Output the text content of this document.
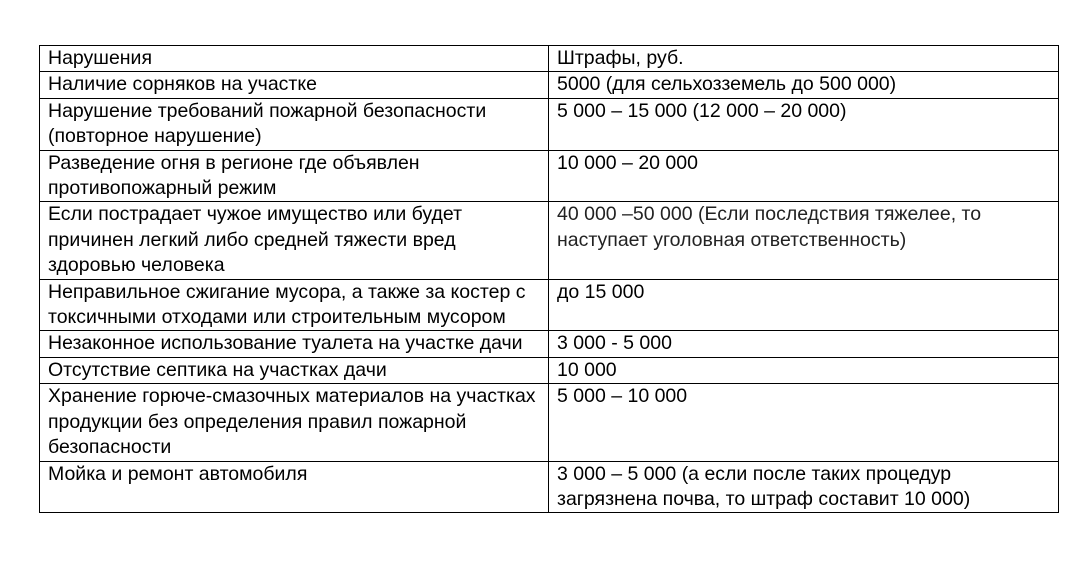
Нарушения	Штрафы, руб.
Наличие сорняков на участке	5000 (для сельхозземель до 500 000)
Нарушение требований пожарной безопасности (повторное нарушение)	5 000 – 15 000 (12 000 – 20 000)
Разведение огня в регионе где объявлен противопожарный режим	10 000 – 20 000
Если пострадает чужое имущество или будет причинен легкий либо средней тяжести вред здоровью человека	40 000 –50 000 (Если последствия тяжелее, то наступает уголовная ответственность)
Неправильное сжигание мусора, а также за костер с токсичными отходами или строительным мусором	до 15 000
Незаконное использование туалета на участке дачи	3 000 - 5 000
Отсутствие септика на участках дачи	10 000
Хранение горюче-смазочных материалов на участках продукции без определения правил пожарной безопасности	5 000 – 10 000
Мойка и ремонт автомобиля	3 000 – 5 000 (а если после таких процедур загрязнена почва, то штраф составит 10 000)
